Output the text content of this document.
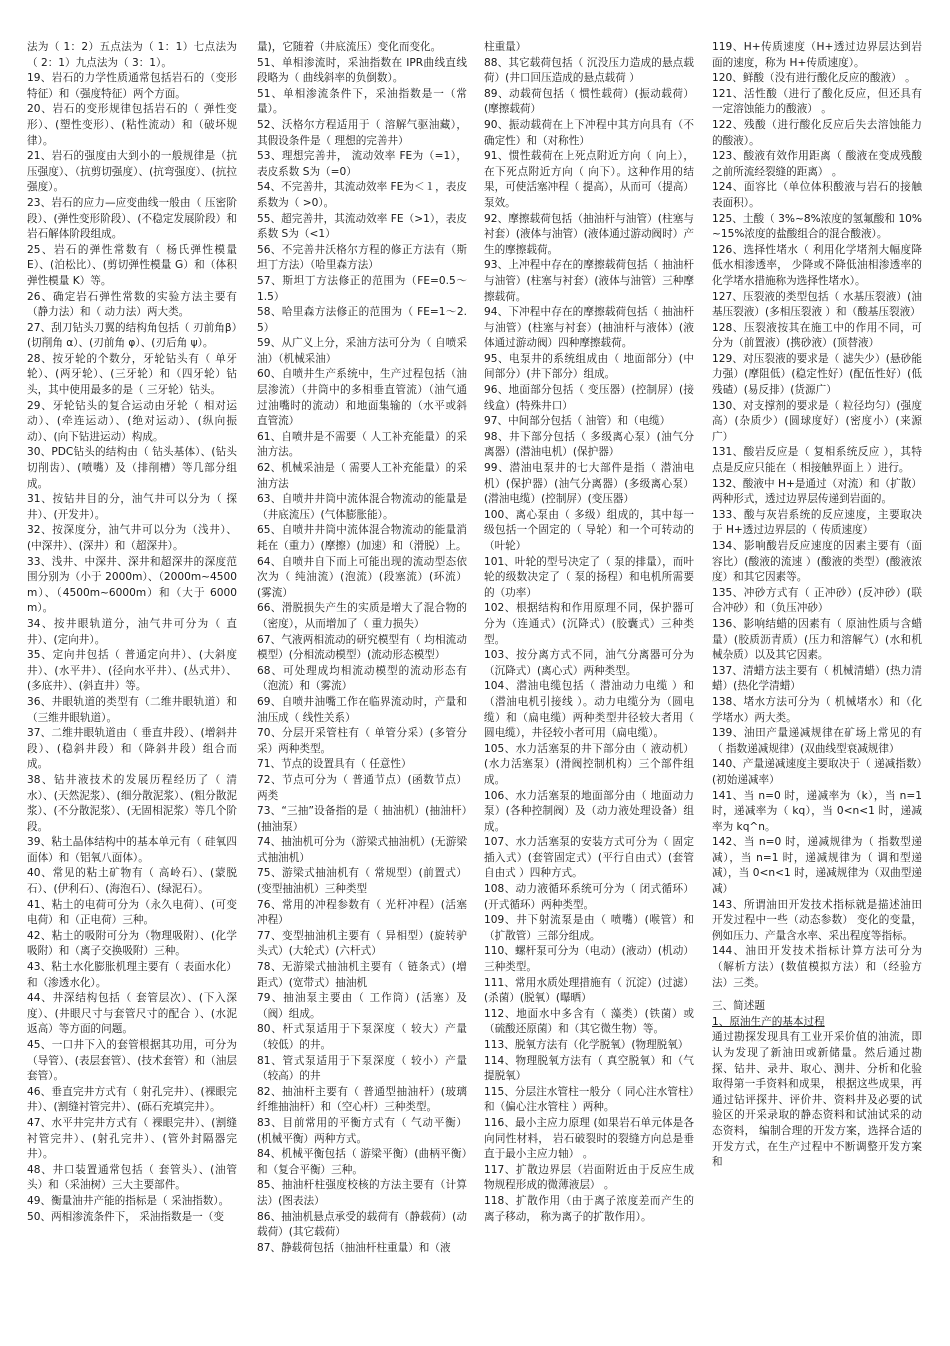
法为（ 1：2）五点法为（ 1：1）七点法为（ 2：1）九点法为（ 3：1）。

19、岩石的力学性质通常包括岩石的（变形特征）和（强度特征）两个方面。

20、岩石的变形规律包括岩石的（ 弹性变形）、(塑性变形）、(粘性流动）和（破坏规律）。

21、岩石的强度由大到小的一般规律是（抗压强度）、（抗剪切强度）、(抗弯强度）、(抗拉强度）。

23、岩石的应力—应变曲线一般由（ 压密阶段）、(弹性变形阶段）、(不稳定发展阶段）和岩石解体阶段组成。

25、岩石的弹性常数有（ 杨氏弹性模量 E）、(泊松比）、(剪切弹性模量 G）和（体积弹性模量 K）等。

26、确定岩石弹性常数的实验方法主要有（静力法）和（ 动力法）两大类。

27、刮刀钻头刀翼的结构角包括（ 刃前角β）(切削角 α）、(刃前角 φ）、(刃后角 ψ）。

28、按牙轮的个数分，牙轮钻头有（ 单牙轮）、(两牙轮）、(三牙轮）和（四牙轮）钻头，其中使用最多的是（ 三牙轮）钻头。

29、牙轮钻头的复合运动由牙轮（ 相对运动）、(牵连运动）、(绝对运动）、(纵向振动）、(向下钻进运动）构成。

30、PDC钻头的结构由（ 钻头基体）、(钻头切削齿）、(喷嘴）及（排削槽）等几部分组成。

31、按钻井目的分，油气井可以分为（ 探井）、(开发井）。

32、按深度分，油气井可以分为（浅井）、(中深井）、(深井）和（超深井）。

33、浅井、中深井、深井和超深井的深度范围分别为（小于 2000m）、（2000m~4500m）、（4500m~6000m）和（大于 6000m）。

34、按井眼轨道分，油气井可分为（ 直井）、(定向井）。

35、定向井包括（ 普通定向井）、(大斜度井）、(水平井）、(径向水平井）、(丛式井）、(多底井）、(斜直井）等。

36、井眼轨道的类型有（二维井眼轨道）和（三维井眼轨道）。

37、二维井眼轨道由（ 垂直井段）、(增斜井段）、(稳斜井段）和（降斜井段）组合而成。

38、钻井液技术的发展历程经历了（ 清水）、(天然泥浆）、(细分散泥浆）、(粗分散泥浆）、(不分散泥浆）、(无固相泥浆）等几个阶段。

39、粘土晶体结构中的基本单元有（ 硅氧四面体）和（铝氧八面体）。

40、常见的粘土矿物有（ 高岭石）、(蒙脱石）、(伊利石）、(海泡石）、(绿泥石）。

41、粘土的电荷可分为（永久电荷）、(可变电荷）和（正电荷）三种。

42、粘土的吸附可分为（物理吸附）、(化学吸附）和（离子交换吸附）三种。

43、粘土水化膨胀机理主要有（ 表面水化）和（渗透水化）。

44、井深结构包括（ 套管层次）、(下入深度）、(井眼尺寸与套管尺寸的配合 ）、(水泥返高）等方面的问题。

45、一口井下入的套管根据其功用，可分为（导管）、(表层套管）、(技术套管）和（油层套管）。

46、垂直完井方式有（ 射孔完井）、(裸眼完井）、(割缝衬管完井）、(砾石充填完井）。

47、水平井完井方式有（ 裸眼完井）、(割缝衬管完井）、(射孔完井）、(管外封隔器完井）。

48、井口装置通常包括（ 套管头）、(油管头）和（采油树）三大主要部件。

49、衡量油井产能的指标是（ 采油指数）。

50、两相渗流条件下， 采油指数是一（变

量)，它随着（井底流压）变化而变化。

51、单相渗流时，采油指数在 IPR曲线直线段略为（ 曲线斜率的负倒数）。

51、单相渗流条件下，采油指数是一（常量）。

52、沃格尔方程适用于（ 溶解气驱油藏），其假设条件是（ 理想的完善井）

53、理想完善井， 流动效率 FE为（=1），表皮系数 S为（=0）

54、不完善井，其流动效率 FE为＜１，表皮系数为（ >0）。

55、超完善井，其流动效率 FE（>1），表皮系数 S为（<1）

56、不完善井沃格尔方程的修正方法有（斯坦丁方法）（哈里森方法）

57、斯坦丁方法修正的范围为（FE=0.5～1.5）

58、哈里森方法修正的范围为（ FE=1～2.5）

59、从广义上分，采油方法可分为（ 自喷采油）（机械采油）

60、自喷井生产系统中，生产过程包括（油层渗流）（井筒中的多相垂直管流）（油气通过油嘴时的流动）和地面集输的（水平或斜直管流）

61、自喷井是不需要（ 人工补充能量）的采油方法。

62、机械采油是（ 需要人工补充能量）的采油方法

63、自喷井井筒中流体混合物流动的能量是（井底流压）(气体膨胀能）。

65、自喷井井筒中流体混合物流动的能量消耗在（重力）(摩擦）(加速）和（滑脱）上。

64、自喷井自下而上可能出现的流动型态依次为（ 纯油流）(泡流）(段塞流）(环流）(雾流）

66、滑脱损失产生的实质是增大了混合物的（密度），从而增加了（ 重力损失）

67、气液两相流动的研究模型有（ 均相流动模型）(分相流动模型）(流动形态模型）

68、可处理成均相流动模型的流动形态有（泡流）和（雾流）

69、自喷井油嘴工作在临界流动时，产量和油压成（ 线性关系）

70、分层开采管柱有（ 单管分采）(多管分采）两种类型。

71、节点的设置具有（ 任意性）

72、节点可分为（ 普通节点）(函数节点）两类

73、“三抽”设备指的是（ 抽油机）(抽油杆）(抽油泵）

74、抽油机可分为（游梁式抽油机）(无游梁式抽油机）

75、游梁式抽油机有（ 常规型）(前置式）(变型抽油机）三种类型

76、常用的冲程参数有（ 光杆冲程）(活塞冲程）

77、变型抽油机主要有（ 异相型）(旋转驴头式）(大轮式）(六杆式）

78、无游梁式抽油机主要有（ 链条式）(增距式）(宽带式）抽油机

79、抽油泵主要由（ 工作筒）(活塞）及（阀）组成。

80、杆式泵适用于下泵深度（ 较大）产量（较低）的井。

81、管式泵适用于下泵深度（ 较小）产量（较高）的井

82、抽油杆主要有（ 普通型抽油杆）(玻璃纤维抽油杆）和（空心杆）三种类型。

83、目前常用的平衡方式有（ 气动平衡）(机械平衡）两种方式。

84、机械平衡包括（ 游梁平衡）(曲柄平衡）和（复合平衡）三种。

85、抽油杆柱强度校核的方法主要有（计算法）(图表法）

86、抽油机悬点承受的载荷有（静载荷）(动载荷）(其它载荷）

87、静载荷包括（抽油杆柱重量）和（液

柱重量）

88、其它载荷包括（ 沉没压力造成的悬点载荷）(井口回压造成的悬点载荷 ）

89、动载荷包括（ 惯性载荷）(振动载荷）(摩擦载荷）

90、振动载荷在上下冲程中其方向具有（不确定性）和（对称性）

91、惯性载荷在上死点附近方向（ 向上），在下死点附近方向（ 向下）。这种作用的结果，可使活塞冲程（ 提高），从而可（提高）泵效。

92、摩擦载荷包括（抽油杆与油管）(柱塞与衬套）(液体与油管）(液体通过游动阀时）产生的摩擦载荷。

93、上冲程中存在的摩擦载荷包括（ 抽油杆与油管）(柱塞与衬套）(液体与油管）三种摩擦载荷。

94、下冲程中存在的摩擦载荷包括（ 抽油杆与油管）(柱塞与衬套）(抽油杆与液体）(液体通过游动阀）四种摩擦载荷。

95、电泵井的系统组成由（ 地面部分）(中间部分）(井下部分）组成。

96、地面部分包括（ 变压器）(控制屏）(接线盒）(特殊井口）

97、中间部分包括（ 油管）和（电缆）

98、井下部分包括（ 多级离心泵）(油气分离器）(潜油电机）(保护器）

99、潜油电泵井的七大部件是指（ 潜油电机）(保护器）(油气分离器）(多级离心泵）(潜油电缆）(控制屏）(变压器）

100、离心泵由（ 多级）组成的，其中每一级包括一个固定的（ 导轮）和一个可转动的（叶轮）

101、叶轮的型号决定了（ 泵的排量），而叶轮的级数决定了（ 泵的扬程）和电机所需要的（功率）

102、根据结构和作用原理不同，保护器可分为（连通式）(沉降式）(胶囊式）三种类型。

103、按分离方式不同，油气分离器可分为（沉降式）(离心式）两种类型。

104、潜油电缆包括（ 潜油动力电缆 ）和（潜油电机引接线 ）。动力电缆分为（圆电缆）和（扁电缆）两种类型井径较大者用（ 圆电缆），井径较小者可用（扁电缆）。

105、水力活塞泵的井下部分由（ 液动机）(水力活塞泵）(滑阀控制机构）三个部件组成。

106、水力活塞泵的地面部分由（ 地面动力泵）(各种控制阀）及（动力液处理设备）组成。

107、水力活塞泵的安装方式可分为（ 固定插入式）(套管固定式）(平行自由式）(套管自由式 ）四种方式。

108、动力液循环系统可分为（ 闭式循环）(开式循环）两种类型。

109、井下射流泵是由（ 喷嘴）(喉管）和（扩散管）三部分组成。

110、螺杆泵可分为（电动）(液动）(机动）三种类型。

111、常用水质处理措施有（ 沉淀）(过滤）(杀菌）(脱氧）(曝晒）

112、地面水中多含有（ 藻类）(铁菌）或（硫酸还原菌）和（其它微生物）等。

113、脱氧方法有（化学脱氧）(物理脱氧）

114、物理脱氧方法有（ 真空脱氧）和（气提脱氧）

115、分层注水管柱一般分（ 同心注水管柱）和（偏心注水管柱 ）两种。

116、最小主应力原理 (如果岩石单元体是各向同性材料， 岩石破裂时的裂缝方向总是垂直于最小主应力轴） 。

117、扩散边界层（岩面附近由于反应生成物规程形成的微薄液层） 。

118、扩散作用（由于离子浓度差而产生的离子移动， 称为离子的扩散作用）。

119、H+传质速度（H+透过边界层达到岩面的速度，称为 H+传质速度）。

120、鲜酸（没有进行酸化反应的酸液） 。

121、活性酸（进行了酸化反应，但还具有一定溶蚀能力的酸液） 。

122、残酸（进行酸化反应后失去溶蚀能力的酸液）。

123、酸液有效作用距离（ 酸液在变成残酸之前所流经裂缝的距离） 。

124、面容比（单位体积酸液与岩石的接触表面积）。

125、土酸（ 3%~8%浓度的氢氟酸和 10%~15%浓度的盐酸组合的混合酸液）。

126、选择性堵水（ 利用化学堵剂大幅度降低水相渗透率， 少降或不降低油相渗透率的化学堵水措施称为选择性堵水）。

127、压裂液的类型包括（ 水基压裂液）(油基压裂液）(多相压裂液 ）和（酸基压裂液）

128、压裂液按其在施工中的作用不同，可分为（前置液）(携砂液）(顶替液）

129、对压裂液的要求是（ 滤失少）(悬砂能力强）(摩阻低）(稳定性好）(配伍性好）(低残碴）(易反排）(货源广）

130、对支撑剂的要求是（ 粒径均匀）(强度高）(杂质少）(圆球度好）(密度小）(来源广）

131、酸岩反应是（ 复相系统反应 ），其特点是反应只能在（ 相接触界面上 ）进行。

132、酸液中 H+是通过（对流）和（扩散）两种形式，透过边界层传递到岩面的。

133、酸与灰岩系统的反应速度，主要取决于 H+透过边界层的（ 传质速度）

134、影响酸岩反应速度的因素主要有（面容比）(酸液的流速 ）(酸液的类型）(酸液浓度）和其它因素等。

135、冲砂方式有（ 正冲砂）(反冲砂）(联合冲砂）和（负压冲砂）

136、影响结蜡的因素有（ 原油性质与含蜡量）(胶质沥青质）(压力和溶解气）(水和机械杂质）以及其它因素。

137、清蜡方法主要有（ 机械清蜡）(热力清蜡）(热化学清蜡）

138、堵水方法可分为（ 机械堵水）和（化学堵水）两大类。

139、油田产量递减规律在矿场上常见的有（ 指数递减规律）(双曲线型衰减规律）

140、产量递减速度主要取决于（ 递减指数）(初始递减率）

141、当 n=0 时，递减率为（k），当 n=1 时，递减率为（ kq），当 0<n<1 时，递减率为 kq^n。

142、当 n=0 时，递减规律为（ 指数型递减），当 n=1 时，递减规律为（ 调和型递减），当 0<n<1 时，递减规律为（双曲型递减）

143、所谓油田开发技术指标就是描述油田开发过程中一些（动态参数） 变化的变量，例如压力、产量含水率、采出程度等指标。

144、油田开发技术指标计算方法可分为（解析方法）(数值模拟方法）和（经验方法）三类。

三、简述题

1、原油生产的基本过程

通过勘探发现具有工业开采价值的油流，即认为发现了新油田或新储量。然后通过勘探、钻井、录井、取心、测井、分析和化验取得第一手资料和成果， 根据这些成果，再通过钻评探井、评价井、资料井及必要的试验区的开采录取的静态资料和试油试采的动态资料， 编制合理的开发方案，选择合适的开发方式，在生产过程中不断调整开发方案和
